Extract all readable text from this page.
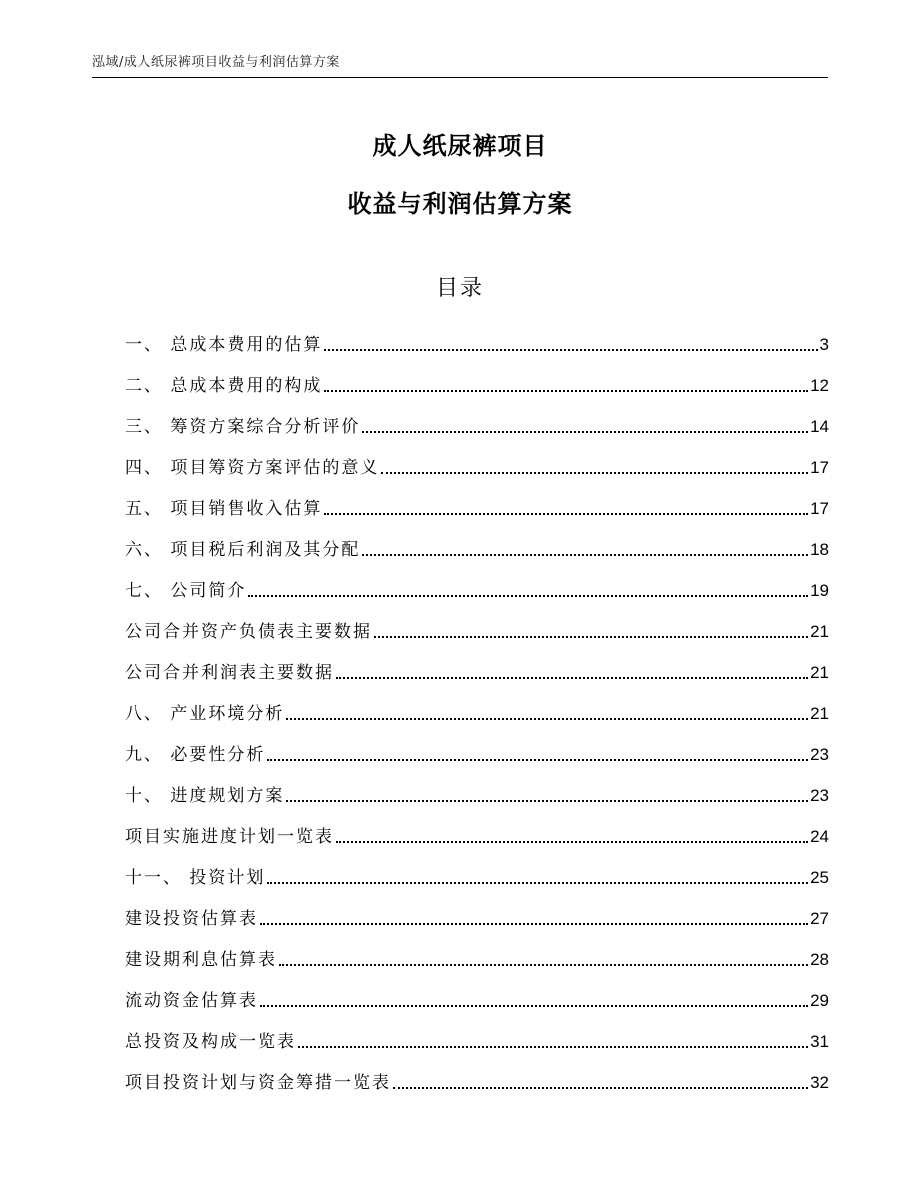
泓域/成人纸尿裤项目收益与利润估算方案
成人纸尿裤项目
收益与利润估算方案
目录
一、 总成本费用的估算	3
二、 总成本费用的构成	12
三、 筹资方案综合分析评价	14
四、 项目筹资方案评估的意义	17
五、 项目销售收入估算	17
六、 项目税后利润及其分配	18
七、 公司简介	19
公司合并资产负债表主要数据	21
公司合并利润表主要数据	21
八、 产业环境分析	21
九、 必要性分析	23
十、 进度规划方案	23
项目实施进度计划一览表	24
十一、 投资计划	25
建设投资估算表	27
建设期利息估算表	28
流动资金估算表	29
总投资及构成一览表	31
项目投资计划与资金筹措一览表	32
